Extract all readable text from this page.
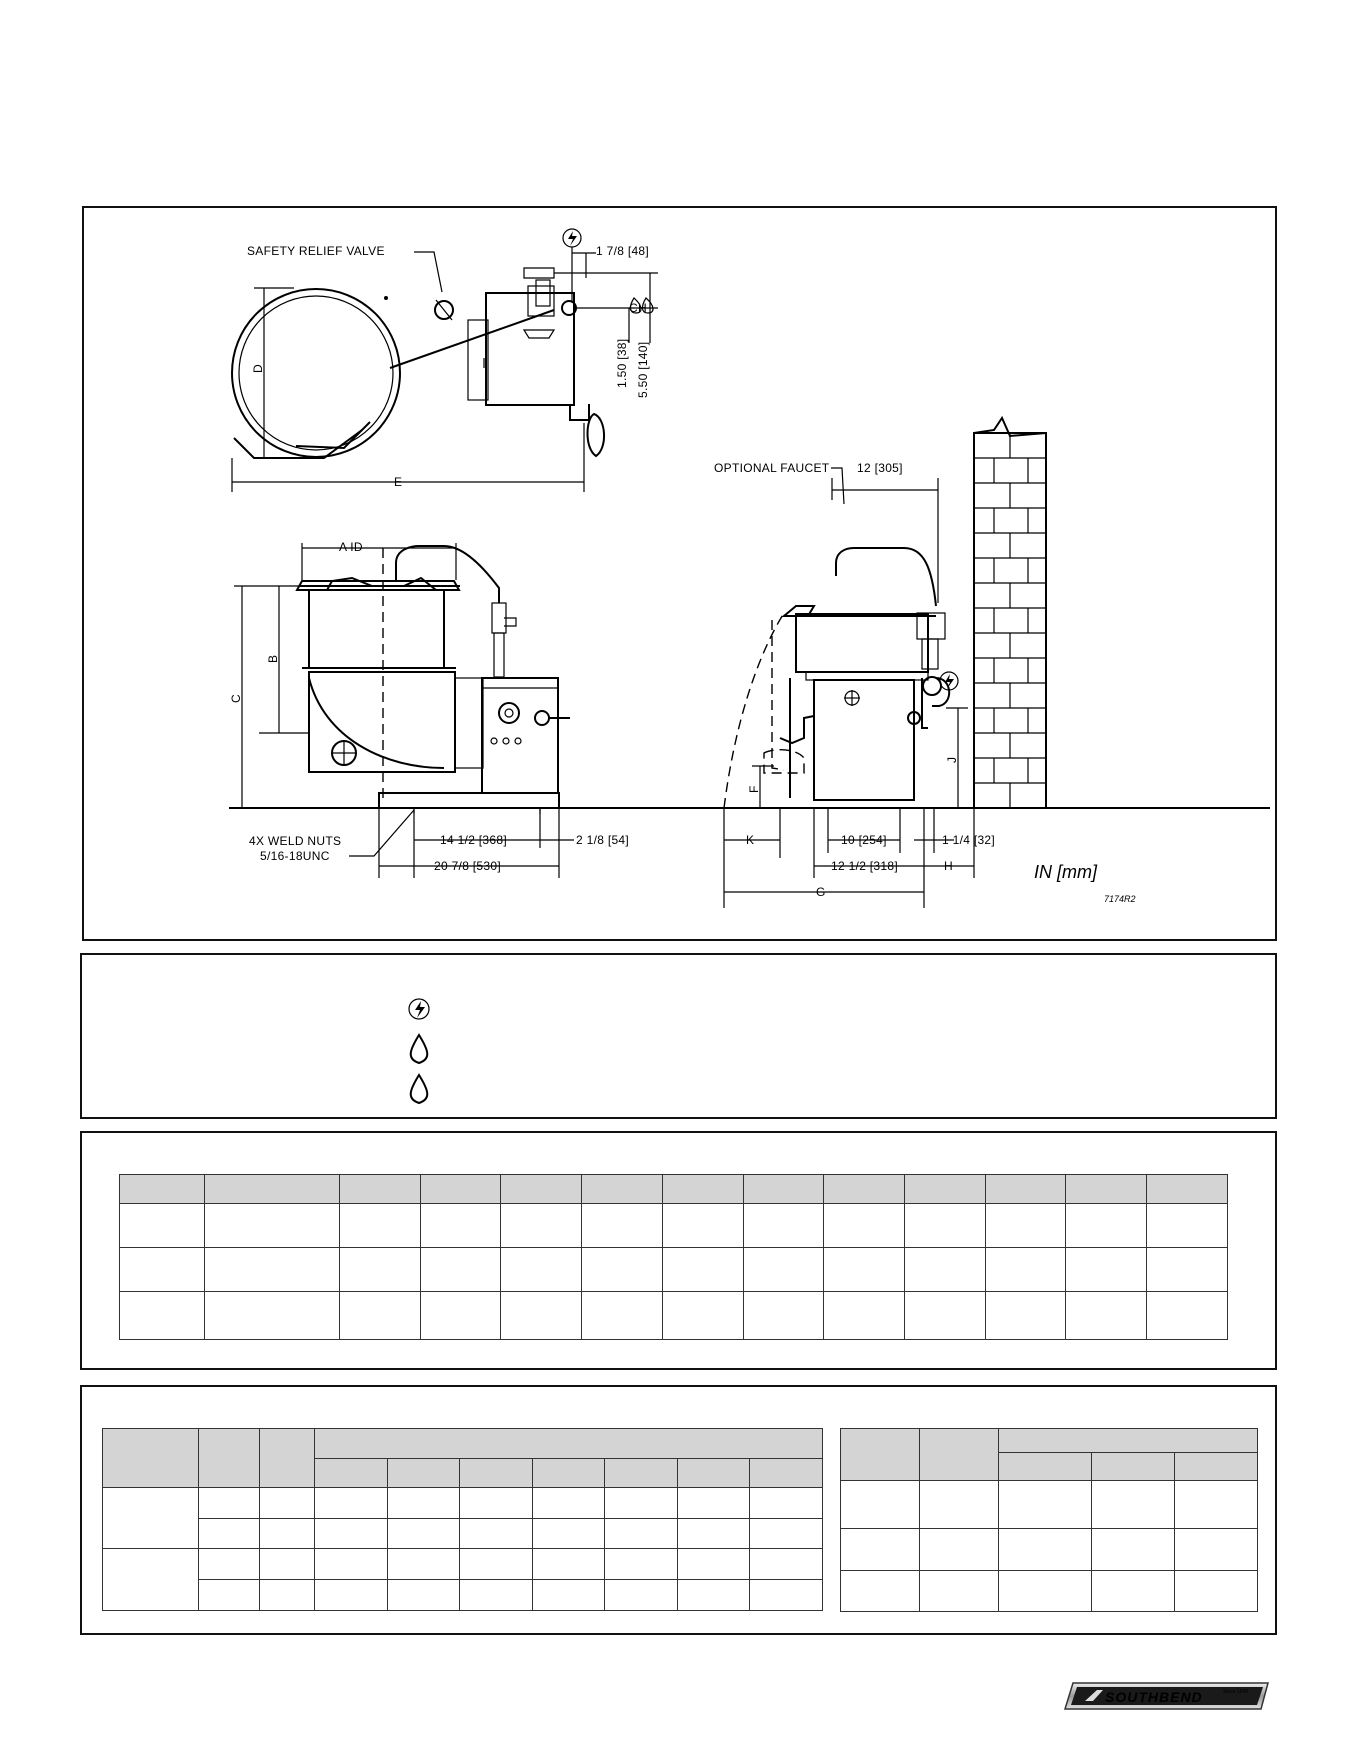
D
E
SAFETY RELIEF VALVE	1 7/8 [48]
CH
1.50 [38] 5.50 [140]
A ID
B
C
4X WELD NUTS
5/16-18UNC
14 1/2 [368]	2 1/8 [54]
20 7/8 [530]
OPTIONAL FAUCET 12 [305]
F
J
K	10 [254]	1 1/4 [32]
12 1/2 [318]	H
G
IN [mm]
7174R2

SOUTHBEND	Since 1898
